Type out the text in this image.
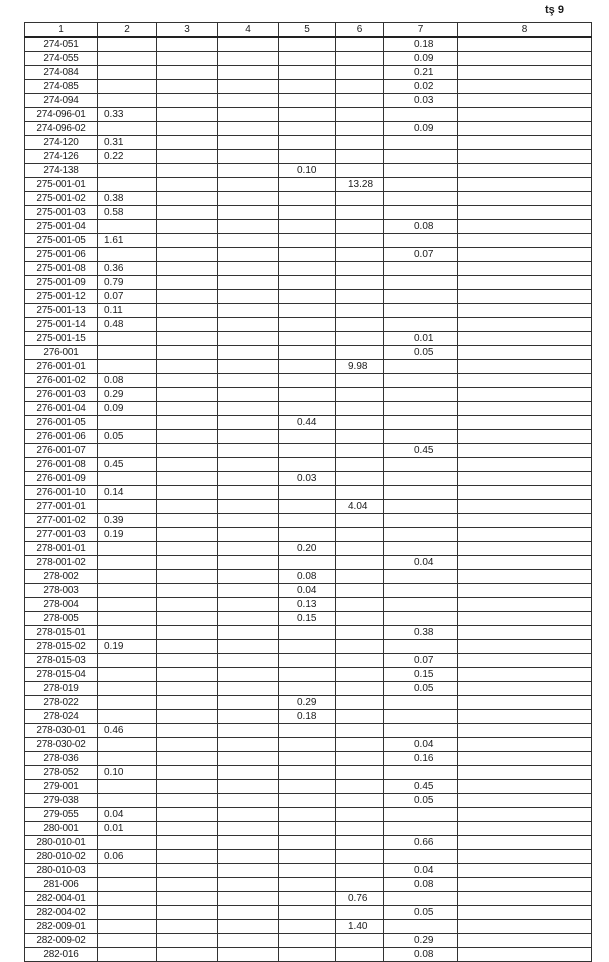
tş 9
1	2	3	4	5	6	7	8
274-051						0.18	
274-055						0.09	
274-084						0.21	
274-085						0.02	
274-094						0.03	
274-096-01	0.33						
274-096-02						0.09	
274-120	0.31						
274-126	0.22						
274-138				0.10			
275-001-01					13.28		
275-001-02	0.38						
275-001-03	0.58						
275-001-04						0.08	
275-001-05	1.61						
275-001-06						0.07	
275-001-08	0.36						
275-001-09	0.79						
275-001-12	0.07						
275-001-13	0.11						
275-001-14	0.48						
275-001-15						0.01	
276-001						0.05	
276-001-01					9.98		
276-001-02	0.08						
276-001-03	0.29						
276-001-04	0.09						
276-001-05				0.44			
276-001-06	0.05						
276-001-07						0.45	
276-001-08	0.45						
276-001-09				0.03			
276-001-10	0.14						
277-001-01					4.04		
277-001-02	0.39						
277-001-03	0.19						
278-001-01				0.20			
278-001-02						0.04	
278-002				0.08			
278-003				0.04			
278-004				0.13			
278-005				0.15			
278-015-01						0.38	
278-015-02	0.19						
278-015-03						0.07	
278-015-04						0.15	
278-019						0.05	
278-022				0.29			
278-024				0.18			
278-030-01	0.46						
278-030-02						0.04	
278-036						0.16	
278-052	0.10						
279-001						0.45	
279-038						0.05	
279-055	0.04						
280-001	0.01						
280-010-01						0.66	
280-010-02	0.06						
280-010-03						0.04	
281-006						0.08	
282-004-01					0.76		
282-004-02						0.05	
282-009-01					1.40		
282-009-02						0.29	
282-016						0.08	
